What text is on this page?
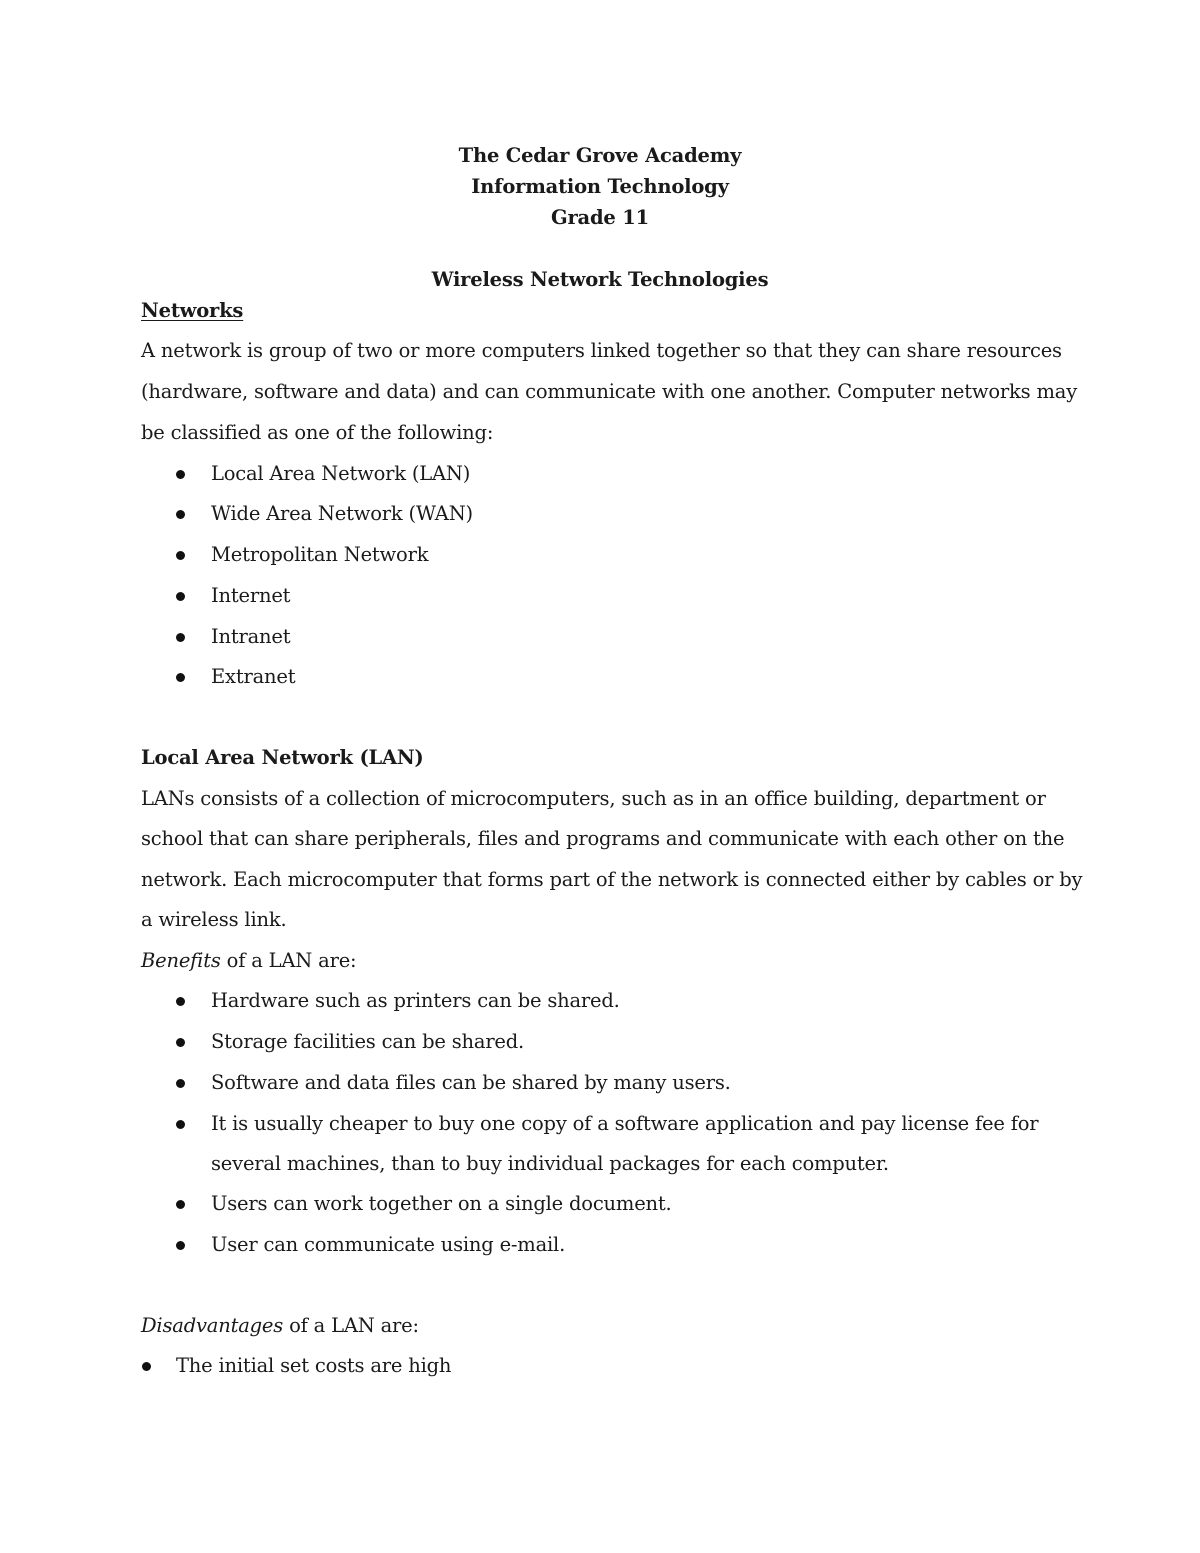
The Cedar Grove Academy
Information Technology
Grade 11
Wireless Network Technologies
Networks
A network is group of two or more computers linked together so that they can share resources
(hardware, software and data) and can communicate with one another. Computer networks may
be classified as one of the following:
Local Area Network (LAN)
Wide Area Network (WAN)
Metropolitan Network
Internet
Intranet
Extranet
Local Area Network (LAN)
LANs consists of a collection of microcomputers, such as in an office building, department or
school that can share peripherals, files and programs and communicate with each other on the
network. Each microcomputer that forms part of the network is connected either by cables or by
a wireless link.
Benefits of a LAN are:
Hardware such as printers can be shared.
Storage facilities can be shared.
Software and data files can be shared by many users.
It is usually cheaper to buy one copy of a software application and pay license fee for
several machines, than to buy individual packages for each computer.
Users can work together on a single document.
User can communicate using e-mail.
Disadvantages of a LAN are:
The initial set costs are high
